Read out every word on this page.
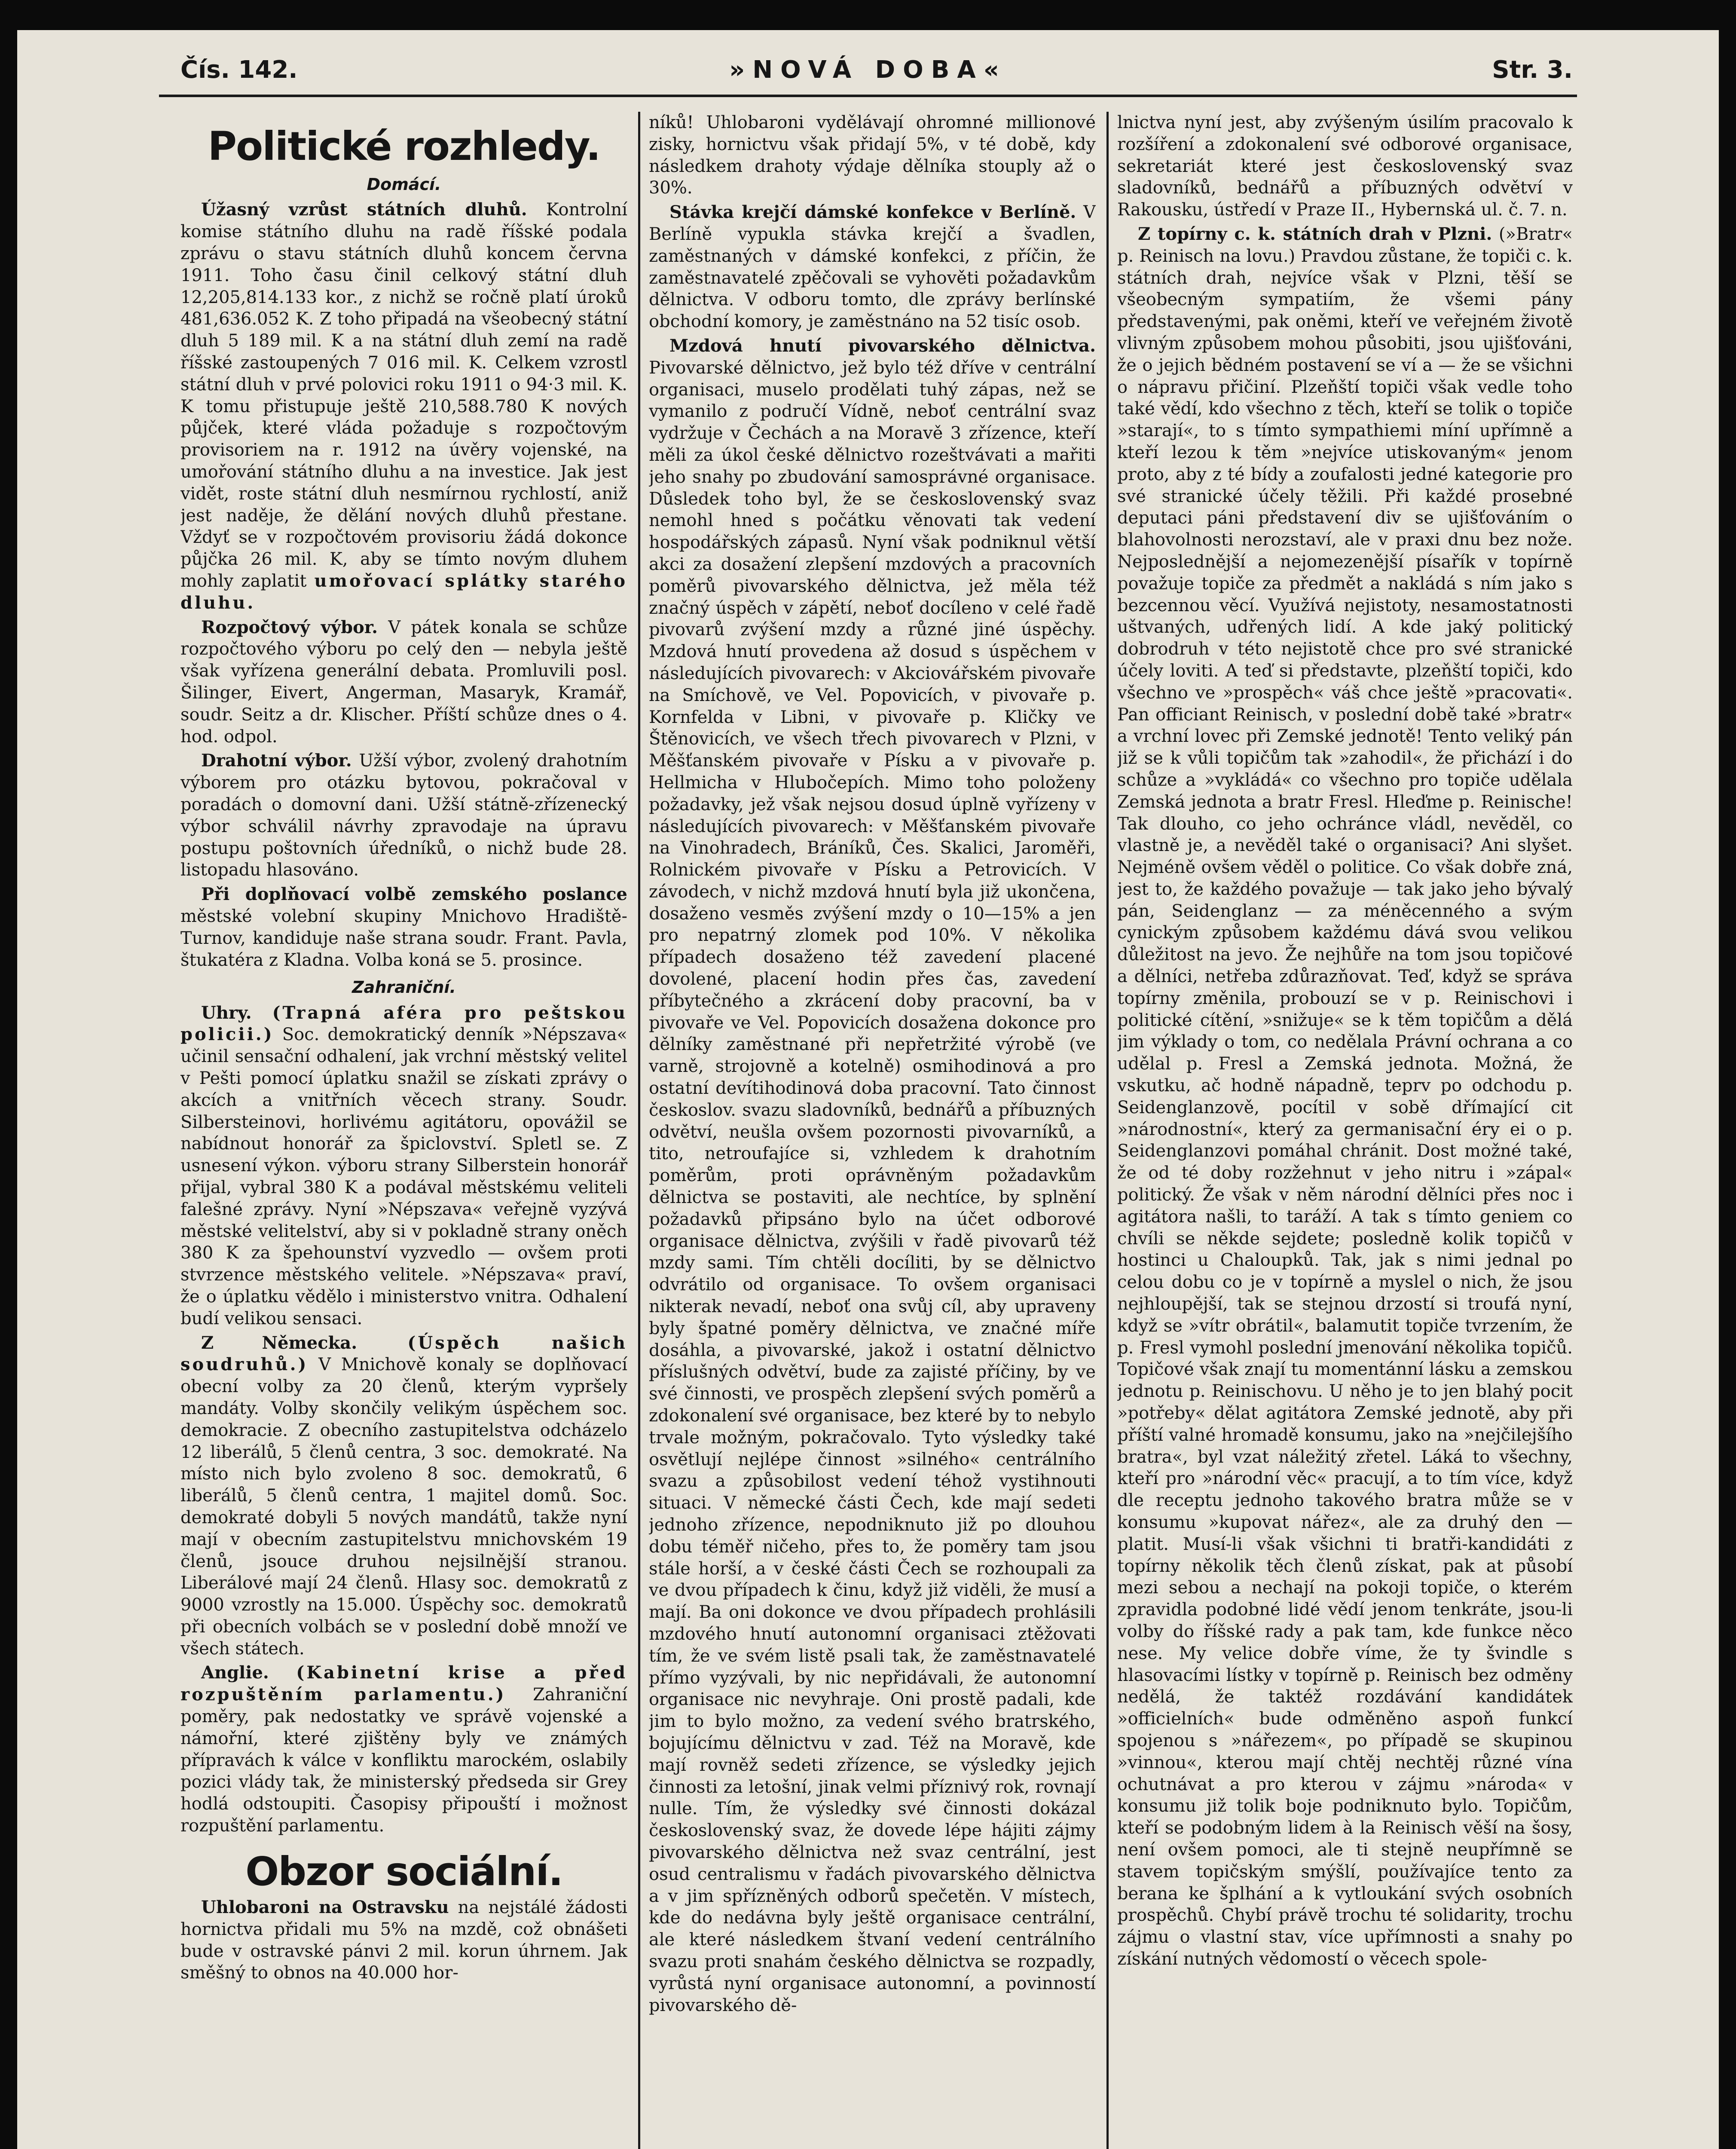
Čís. 142.	»NOVÁ DOBA«	Str. 3.
Politické rozhledy.
Domácí.

Úžasný vzrůst státních dluhů. Kontrolní komise státního dluhu na radě říšské podala zprávu o stavu státních dluhů koncem června 1911. Toho času činil celkový státní dluh 12,205,814.133 kor., z nichž se ročně platí úroků 481,636.052 K. Z toho připadá na všeobecný státní dluh 5 189 mil. K a na státní dluh zemí na radě říšské zastoupených 7 016 mil. K. Celkem vzrostl státní dluh v prvé polovici roku 1911 o 94·3 mil. K. K tomu přistupuje ještě 210,588.780 K nových půjček, které vláda požaduje s rozpočtovým provisoriem na r. 1912 na úvěry vojenské, na umořování státního dluhu a na investice. Jak jest vidět, roste státní dluh nesmírnou rychlostí, aniž jest naděje, že dělání nových dluhů přestane. Vždyť se v rozpočtovém provisoriu žádá dokonce půjčka 26 mil. K, aby se tímto novým dluhem mohly zaplatit umořovací splátky starého dluhu.

Rozpočtový výbor. V pátek konala se schůze rozpočtového výboru po celý den — nebyla ještě však vyřízena generální debata. Promluvili posl. Šilinger, Eivert, Angerman, Masaryk, Kramář, soudr. Seitz a dr. Klischer. Příští schůze dnes o 4. hod. odpol.

Drahotní výbor. Užší výbor, zvolený drahotním výborem pro otázku bytovou, pokračoval v poradách o domovní dani. Užší státně-zřízenecký výbor schválil návrhy zpravodaje na úpravu postupu poštovních úředníků, o nichž bude 28. listopadu hlasováno.

Při doplňovací volbě zemského poslance městské volební skupiny Mnichovo Hradiště-Turnov, kandiduje naše strana soudr. Frant. Pavla, štukatéra z Kladna. Volba koná se 5. prosince.

Zahraniční.

Uhry. (Trapná aféra pro peštskou policii.) Soc. demokratický denník »Népszava« učinil sensační odhalení, jak vrchní městský velitel v Pešti pomocí úplatku snažil se získati zprávy o akcích a vnitřních věcech strany. Soudr. Silbersteinovi, horlivému agitátoru, opovážil se nabídnout honorář za špiclovství. Spletl se. Z usnesení výkon. výboru strany Silberstein honorář přijal, vybral 380 K a podával městskému veliteli falešné zprávy. Nyní »Népszava« veřejně vyzývá městské velitelství, aby si v pokladně strany oněch 380 K za špehounství vyzvedlo — ovšem proti stvrzence městského velitele. »Népszava« praví, že o úplatku vědělo i ministerstvo vnitra. Odhalení budí velikou sensaci.

Z Německa. (Úspěch našich soudruhů.) V Mnichově konaly se doplňovací obecní volby za 20 členů, kterým vypršely mandáty. Volby skončily velikým úspěchem soc. demokracie. Z obecního zastupitelstva odcházelo 12 liberálů, 5 členů centra, 3 soc. demokraté. Na místo nich bylo zvoleno 8 soc. demokratů, 6 liberálů, 5 členů centra, 1 majitel domů. Soc. demokraté dobyli 5 nových mandátů, takže nyní mají v obecním zastupitelstvu mnichovském 19 členů, jsouce druhou nejsilnější stranou. Liberálové mají 24 členů. Hlasy soc. demokratů z 9000 vzrostly na 15.000. Úspěchy soc. demokratů při obecních volbách se v poslední době množí ve všech státech.

Anglie. (Kabinetní krise a před rozpuštěním parlamentu.) Zahraniční poměry, pak nedostatky ve správě vojenské a námořní, které zjištěny byly ve známých přípravách k válce v konfliktu marockém, oslabily pozici vlády tak, že ministerský předseda sir Grey hodlá odstoupiti. Časopisy připouští i možnost rozpuštění parlamentu.

Obzor sociální.

Uhlobaroni na Ostravsku na nejstálé žádosti hornictva přidali mu 5% na mzdě, což obnášeti bude v ostravské pánvi 2 mil. korun úhrnem. Jak směšný to obnos na 40.000 hor-

níků! Uhlobaroni vydělávají ohromné millionové zisky, hornictvu však přidají 5%, v té době, kdy následkem drahoty výdaje dělníka stouply až o 30%.

Stávka krejčí dámské konfekce v Berlíně. V Berlíně vypukla stávka krejčí a švadlen, zaměstnaných v dámské konfekci, z příčin, že zaměstnavatelé zpěčovali se vyhověti požadavkům dělnictva. V odboru tomto, dle zprávy berlínské obchodní komory, je zaměstnáno na 52 tisíc osob.

Mzdová hnutí pivovarského dělnictva. Pivovarské dělnictvo, jež bylo též dříve v centrální organisaci, muselo prodělati tuhý zápas, než se vymanilo z područí Vídně, neboť centrální svaz vydržuje v Čechách a na Moravě 3 zřízence, kteří měli za úkol české dělnictvo rozeštvávati a mařiti jeho snahy po zbudování samosprávné organisace. Důsledek toho byl, že se československý svaz nemohl hned s počátku věnovati tak vedení hospodářských zápasů. Nyní však podniknul větší akci za dosažení zlepšení mzdových a pracovních poměrů pivovarského dělnictva, jež měla též značný úspěch v zápětí, neboť docíleno v celé řadě pivovarů zvýšení mzdy a různé jiné úspěchy. Mzdová hnutí provedena až dosud s úspěchem v následujících pivovarech: v Akciovářském pivovaře na Smíchově, ve Vel. Popovicích, v pivovaře p. Kornfelda v Libni, v pivovaře p. Kličky ve Štěnovicích, ve všech třech pivovarech v Plzni, v Měšťanském pivovaře v Písku a v pivovaře p. Hellmicha v Hlubočepích. Mimo toho položeny požadavky, jež však nejsou dosud úplně vyřízeny v následujících pivovarech: v Měšťanském pivovaře na Vinohradech, Bráníků, Čes. Skalici, Jaroměři, Rolnickém pivovaře v Písku a Petrovicích. V závodech, v nichž mzdová hnutí byla již ukončena, dosaženo vesměs zvýšení mzdy o 10—15% a jen pro nepatrný zlomek pod 10%. V několika případech dosaženo též zavedení placené dovolené, placení hodin přes čas, zavedení příbytečného a zkrácení doby pracovní, ba v pivovaře ve Vel. Popovicích dosažena dokonce pro dělníky zaměstnané při nepřetržité výrobě (ve varně, strojovně a kotelně) osmihodinová a pro ostatní devítihodinová doba pracovní. Tato činnost českoslov. svazu sladovníků, bednářů a příbuzných odvětví, neušla ovšem pozornosti pivovarníků, a tito, netroufajíce si, vzhledem k drahotním poměrům, proti oprávněným požadavkům dělnictva se postaviti, ale nechtíce, by splnění požadavků připsáno bylo na účet odborové organisace dělnictva, zvýšili v řadě pivovarů též mzdy sami. Tím chtěli docíliti, by se dělnictvo odvrátilo od organisace. To ovšem organisaci nikterak nevadí, neboť ona svůj cíl, aby upraveny byly špatné poměry dělnictva, ve značné míře dosáhla, a pivovarské, jakož i ostatní dělnictvo příslušných odvětví, bude za zajisté příčiny, by ve své činnosti, ve prospěch zlepšení svých poměrů a zdokonalení své organisace, bez které by to nebylo trvale možným, pokračovalo. Tyto výsledky také osvětlují nejlépe činnost »silného« centrálního svazu a způsobilost vedení téhož vystihnouti situaci. V německé části Čech, kde mají sedeti jednoho zřízence, nepodniknuto již po dlouhou dobu téměř ničeho, přes to, že poměry tam jsou stále horší, a v české části Čech se rozhoupali za ve dvou případech k činu, když již viděli, že musí a mají. Ba oni dokonce ve dvou případech prohlásili mzdového hnutí autonomní organisaci ztěžovati tím, že ve svém listě psali tak, že zaměstnavatelé přímo vyzývali, by nic nepřidávali, že autonomní organisace nic nevyhraje. Oni prostě padali, kde jim to bylo možno, za vedení svého bratrského, bojujícímu dělnictvu v zad. Též na Moravě, kde mají rovněž sedeti zřízence, se výsledky jejich činnosti za letošní, jinak velmi příznivý rok, rovnají nulle. Tím, že výsledky své činnosti dokázal československý svaz, že dovede lépe hájiti zájmy pivovarského dělnictva než svaz centrální, jest osud centralismu v řadách pivovarského dělnictva a v jim spřízněných odborů spečetěn. V místech, kde do nedávna byly ještě organisace centrální, ale které následkem štvaní vedení centrálního svazu proti snahám českého dělnictva se rozpadly, vyrůstá nyní organisace autonomní, a povinností pivovarského dě-

lnictva nyní jest, aby zvýšeným úsilím pracovalo k rozšíření a zdokonalení své odborové organisace, sekretariát které jest československý svaz sladovníků, bednářů a příbuzných odvětví v Rakousku, ústředí v Praze II., Hybernská ul. č. 7. n.

Z topírny c. k. státních drah v Plzni. (»Bratr« p. Reinisch na lovu.) Pravdou zůstane, že topiči c. k. státních drah, nejvíce však v Plzni, těší se všeobecným sympatiím, že všemi pány představenými, pak oněmi, kteří ve veřejném životě vlivným způsobem mohou působiti, jsou ujišťováni, že o jejich bědném postavení se ví a — že se všichni o nápravu přičiní. Plzeňští topiči však vedle toho také vědí, kdo všechno z těch, kteří se tolik o topiče »starají«, to s tímto sympathiemi míní upřímně a kteří lezou k těm »nejvíce utiskovaným« jenom proto, aby z té bídy a zoufalosti jedné kategorie pro své stranické účely těžili. Při každé prosebné deputaci páni představení div se ujišťováním o blahovolnosti nerozstaví, ale v praxi dnu bez nože. Nejposlednější a nejomezenější písařík v topírně považuje topiče za předmět a nakládá s ním jako s bezcennou věcí. Využívá nejistoty, nesamostatnosti uštvaných, udřených lidí. A kde jaký politický dobrodruh v této nejistotě chce pro své stranické účely loviti. A teď si představte, plzeňští topiči, kdo všechno ve »prospěch« váš chce ještě »pracovati«. Pan officiant Reinisch, v poslední době také »bratr« a vrchní lovec při Zemské jednotě! Tento veliký pán již se k vůli topičům tak »zahodil«, že přichází i do schůze a »vykládá« co všechno pro topiče udělala Zemská jednota a bratr Fresl. Hleďme p. Reinische! Tak dlouho, co jeho ochránce vládl, nevěděl, co vlastně je, a nevěděl také o organisaci? Ani slyšet. Nejméně ovšem věděl o politice. Co však dobře zná, jest to, že každého považuje — tak jako jeho bývalý pán, Seidenglanz — za méněcenného a svým cynickým způsobem každému dává svou velikou důležitost na jevo. Že nejhůře na tom jsou topičové a dělníci, netřeba zdůrazňovat. Teď, když se správa topírny změnila, probouzí se v p. Reinischovi i politické cítění, »snižuje« se k těm topičům a dělá jim výklady o tom, co nedělala Právní ochrana a co udělal p. Fresl a Zemská jednota. Možná, že vskutku, ač hodně nápadně, teprv po odchodu p. Seidenglanzově, pocítil v sobě dřímající cit »národnostní«, který za germanisační éry ei o p. Seidenglanzovi pomáhal chránit. Dost možné také, že od té doby rozžehnut v jeho nitru i »zápal« politický. Že však v něm národní dělníci přes noc i agitátora našli, to taráží. A tak s tímto geniem co chvíli se někde sejdete; posledně kolik topičů v hostinci u Chaloupků. Tak, jak s nimi jednal po celou dobu co je v topírně a myslel o nich, že jsou nejhloupější, tak se stejnou drzostí si troufá nyní, když se »vítr obrátil«, balamutit topiče tvrzením, že p. Fresl vymohl poslední jmenování několika topičů. Topičové však znají tu momentánní lásku a zemskou jednotu p. Reinischovu. U něho je to jen blahý pocit »potřeby« dělat agitátora Zemské jednotě, aby při příští valné hromadě konsumu, jako na »nejčilejšího bratra«, byl vzat náležitý zřetel. Láká to všechny, kteří pro »národní věc« pracují, a to tím více, když dle receptu jednoho takového bratra může se v konsumu »kupovat nářez«, ale za druhý den — platit. Musí-li však všichni ti bratři-kandidáti z topírny několik těch členů získat, pak at působí mezi sebou a nechají na pokoji topiče, o kterém zpravidla podobné lidé vědí jenom tenkráte, jsou-li volby do říšské rady a pak tam, kde funkce něco nese. My velice dobře víme, že ty švindle s hlasovacími lístky v topírně p. Reinisch bez odměny nedělá, že taktéž rozdávání kandidátek »officielních« bude odměněno aspoň funkcí spojenou s »nářezem«, po případě se skupinou »vinnou«, kterou mají chtěj nechtěj různé vína ochutnávat a pro kterou v zájmu »národa« v konsumu již tolik boje podniknuto bylo. Topičům, kteří se podobným lidem à la Reinisch věší na šosy, není ovšem pomoci, ale ti stejně neupřímně se stavem topičským smýšlí, používajíce tento za berana ke šplhání a k vytloukání svých osobních prospěchů. Chybí právě trochu té solidarity, trochu zájmu o vlastní stav, více upřímnosti a snahy po získání nutných vědomostí o věcech spole-
